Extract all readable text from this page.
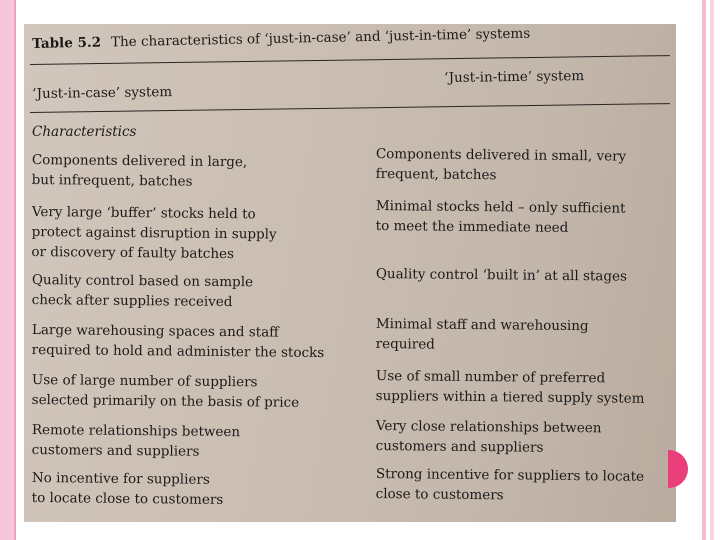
Table 5.2 The characteristics of ‘just-in-case’ and ‘just-in-time’ systems
‘Just-in-time’ system
‘Just-in-case’ system
Characteristics
Components delivered in large,
but infrequent, batches
Components delivered in small, very
frequent, batches
Very large ‘buffer’ stocks held to
protect against disruption in supply
or discovery of faulty batches
Minimal stocks held – only sufficient
to meet the immediate need
Quality control based on sample
check after supplies received
Quality control ‘built in’ at all stages
Large warehousing spaces and staff
required to hold and administer the stocks
Minimal staff and warehousing
required
Use of large number of suppliers
selected primarily on the basis of price
Use of small number of preferred
suppliers within a tiered supply system
Remote relationships between
customers and suppliers
Very close relationships between
customers and suppliers
No incentive for suppliers
to locate close to customers
Strong incentive for suppliers to locate
close to customers
